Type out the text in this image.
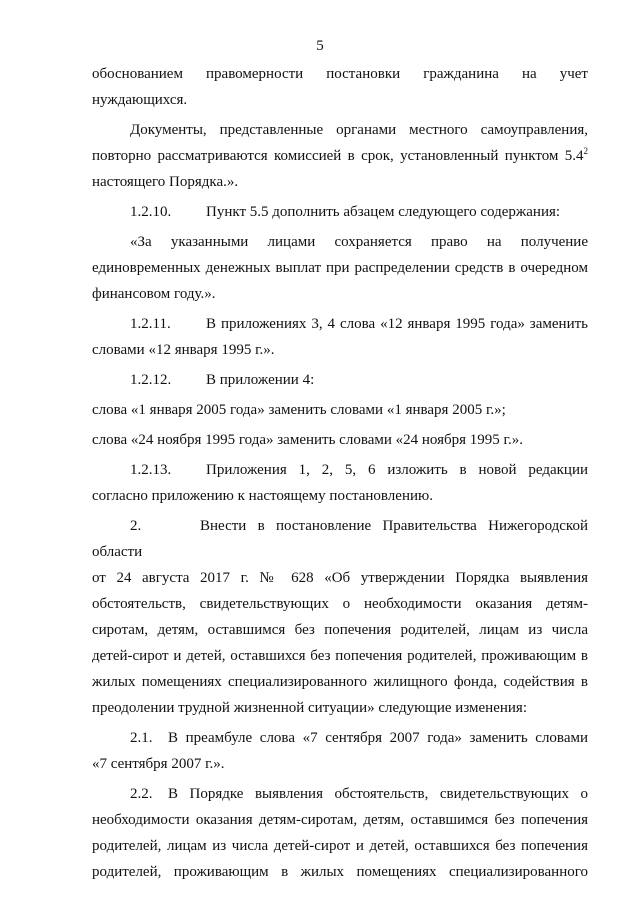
5

обоснованием правомерности постановки гражданина на учет

нуждающихся.

Документы, представленные органами местного самоуправления,

повторно рассматриваются комиссией в срок, установленный пунктом $5.4^2$

настоящего Порядка.».

1.2.10. Пункт 5.5 дополнить абзацем следующего содержания:

«За указанными лицами сохраняется право на получение

единовременных денежных выплат при распределении средств в очередном

финансовом году.».

1.2.11. В приложениях 3, 4 слова «12 января 1995 года» заменить

словами «12 января 1995 г.».

1.2.12. В приложении 4:

слова «1 января 2005 года» заменить словами «1 января 2005 г.»;

слова «24 ноября 1995 года» заменить словами «24 ноября 1995 г.».

1.2.13. Приложения 1, 2, 5, 6 изложить в новой редакции

согласно приложению к настоящему постановлению.

2.	Внести в постановление Правительства Нижегородской области

от 24 августа 2017 г. № 628 «Об утверждении Порядка выявления

обстоятельств, свидетельствующих о необходимости оказания детям-

сиротам, детям, оставшимся без попечения родителей, лицам из числа

детей-сирот и детей, оставшихся без попечения родителей, проживающим в

жилых помещениях специализированного жилищного фонда, содействия в

преодолении трудной жизненной ситуации» следующие изменения:

2.1. В преамбуле слова «7 сентября 2007 года» заменить словами

«7 сентября 2007 г.».

2.2. В Порядке выявления обстоятельств, свидетельствующих о

необходимости оказания детям-сиротам, детям, оставшимся без попечения

родителей, лицам из числа детей-сирот и детей, оставшихся без попечения

родителей, проживающим в жилых помещениях специализированного
